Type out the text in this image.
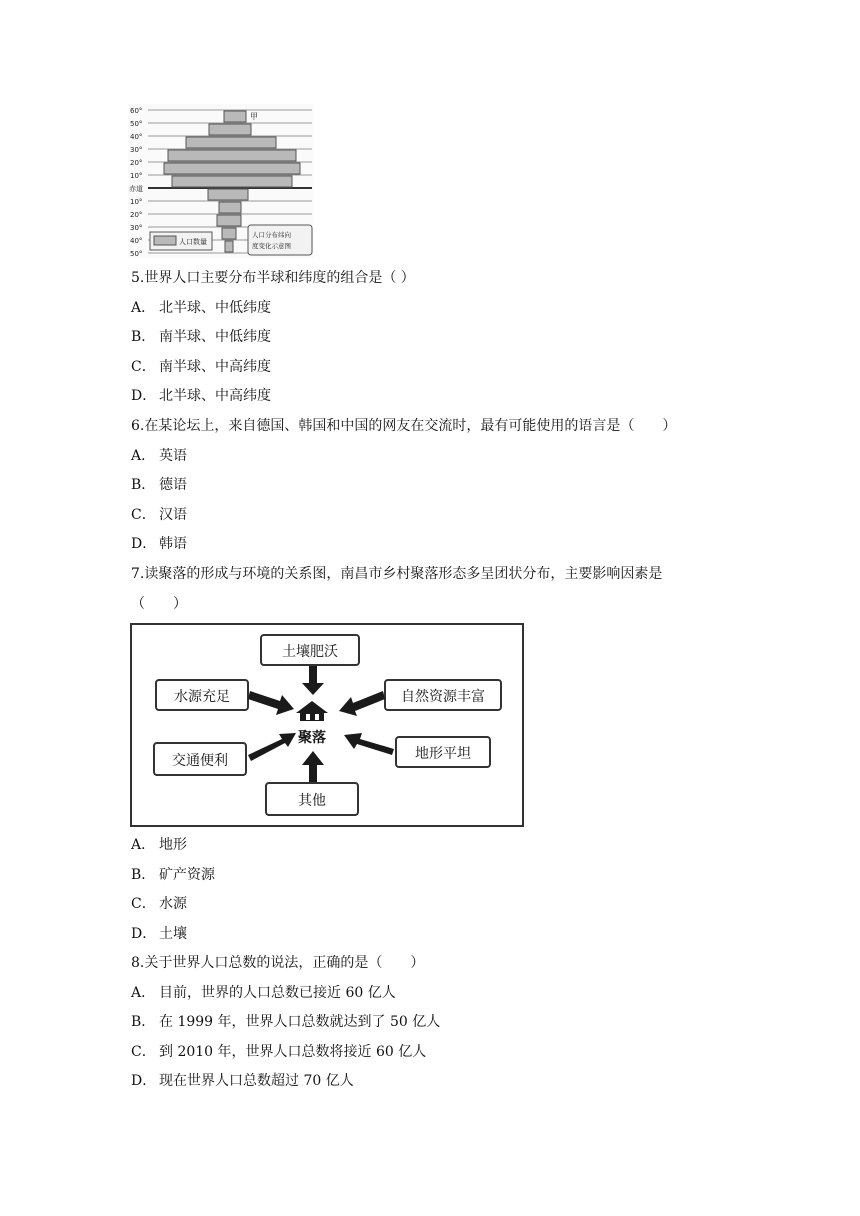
60°
50°
40°
30°
20°
10°
赤道
10°
20°
30°
40°
50°
甲
人口数量
人口分布纬向
度变化示意图
5.世界人口主要分布半球和纬度的组合是（ ）
A． 北半球、中低纬度
B． 南半球、中低纬度
C． 南半球、中高纬度
D． 北半球、中高纬度
6.在某论坛上，来自德国、韩国和中国的网友在交流时，最有可能使用的语言是（　　）
A． 英语
B． 德语
C． 汉语
D． 韩语
7.读聚落的形成与环境的关系图，南昌市乡村聚落形态多呈团状分布，主要影响因素是
（　　）
土壤肥沃
水源充足	自然资源丰富
交通便利	地形平坦
其他
聚落
A． 地形
B． 矿产资源
C． 水源
D． 土壤
8.关于世界人口总数的说法，正确的是（　　）
A． 目前，世界的人口总数已接近 60 亿人
B． 在 1999 年，世界人口总数就达到了 50 亿人
C． 到 2010 年，世界人口总数将接近 60 亿人
D． 现在世界人口总数超过 70 亿人
